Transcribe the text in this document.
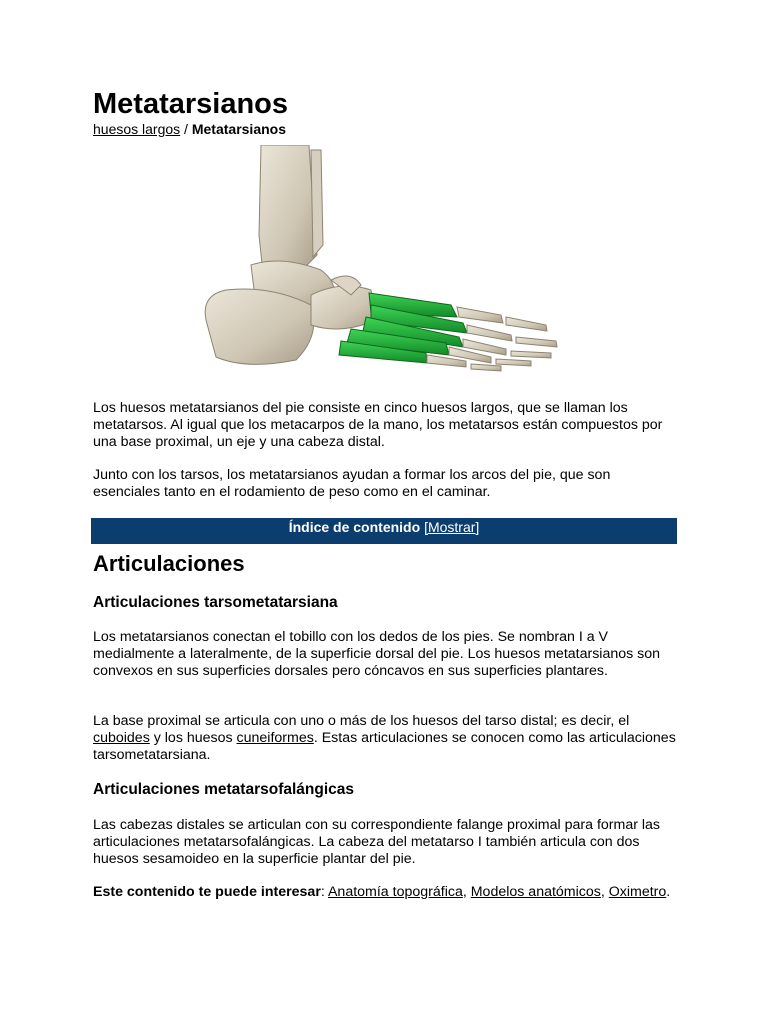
Metatarsianos
huesos largos / Metatarsianos

Los huesos metatarsianos del pie consiste en cinco huesos largos, que se llaman los metatarsos. Al igual que los metacarpos de la mano, los metatarsos están compuestos por una base proximal, un eje y una cabeza distal.

Junto con los tarsos, los metatarsianos ayudan a formar los arcos del pie, que son esenciales tanto en el rodamiento de peso como en el caminar.

Índice de contenido [Mostrar]
Articulaciones
Articulaciones tarsometatarsiana

Los metatarsianos conectan el tobillo con los dedos de los pies. Se nombran I a V medialmente a lateralmente, de la superficie dorsal del pie. Los huesos metatarsianos son convexos en sus superficies dorsales pero cóncavos en sus superficies plantares.

La base proximal se articula con uno o más de los huesos del tarso distal; es decir, el cuboides y los huesos cuneiformes. Estas articulaciones se conocen como las articulaciones tarsometatarsiana.

Articulaciones metatarsofalángicas

Las cabezas distales se articulan con su correspondiente falange proximal para formar las articulaciones metatarsofalángicas. La cabeza del metatarso I también articula con dos huesos sesamoideo en la superficie plantar del pie.

Este contenido te puede interesar: Anatomía topográfica, Modelos anatómicos, Oximetro.
